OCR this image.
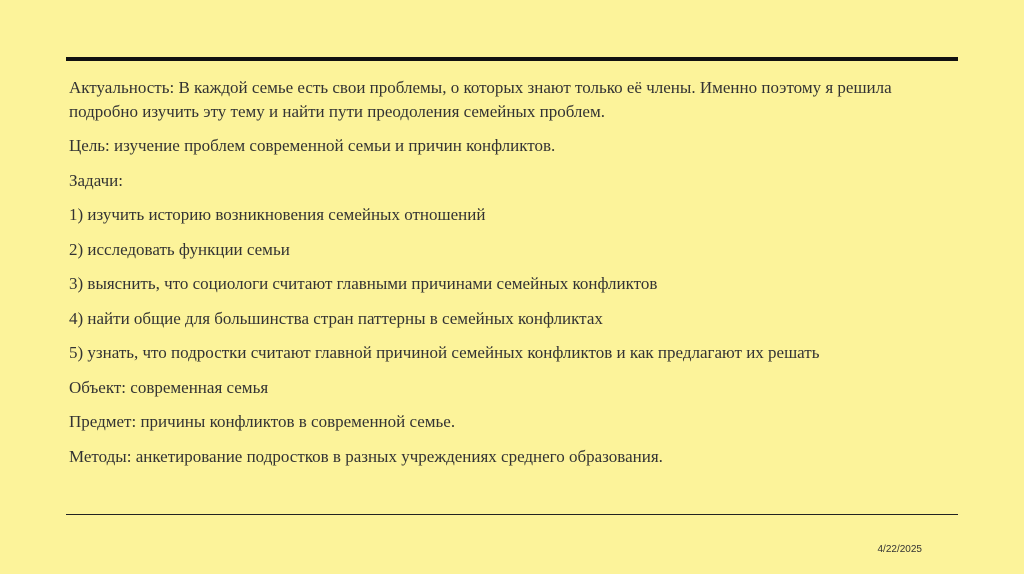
Актуальность: В каждой семье есть свои проблемы, о которых знают только её члены. Именно поэтому я решила подробно изучить эту тему и найти пути преодоления семейных проблем.

Цель: изучение проблем современной семьи и причин конфликтов.

Задачи:

1) изучить историю возникновения семейных отношений

2) исследовать функции семьи

3) выяснить, что социологи считают главными причинами семейных конфликтов

4) найти общие для большинства стран паттерны в семейных конфликтах

5) узнать, что подростки считают главной причиной семейных конфликтов и как предлагают их решать

Объект: современная семья

Предмет: причины конфликтов в современной семье.

Методы: анкетирование подростков в разных учреждениях среднего образования.

4/22/2025
